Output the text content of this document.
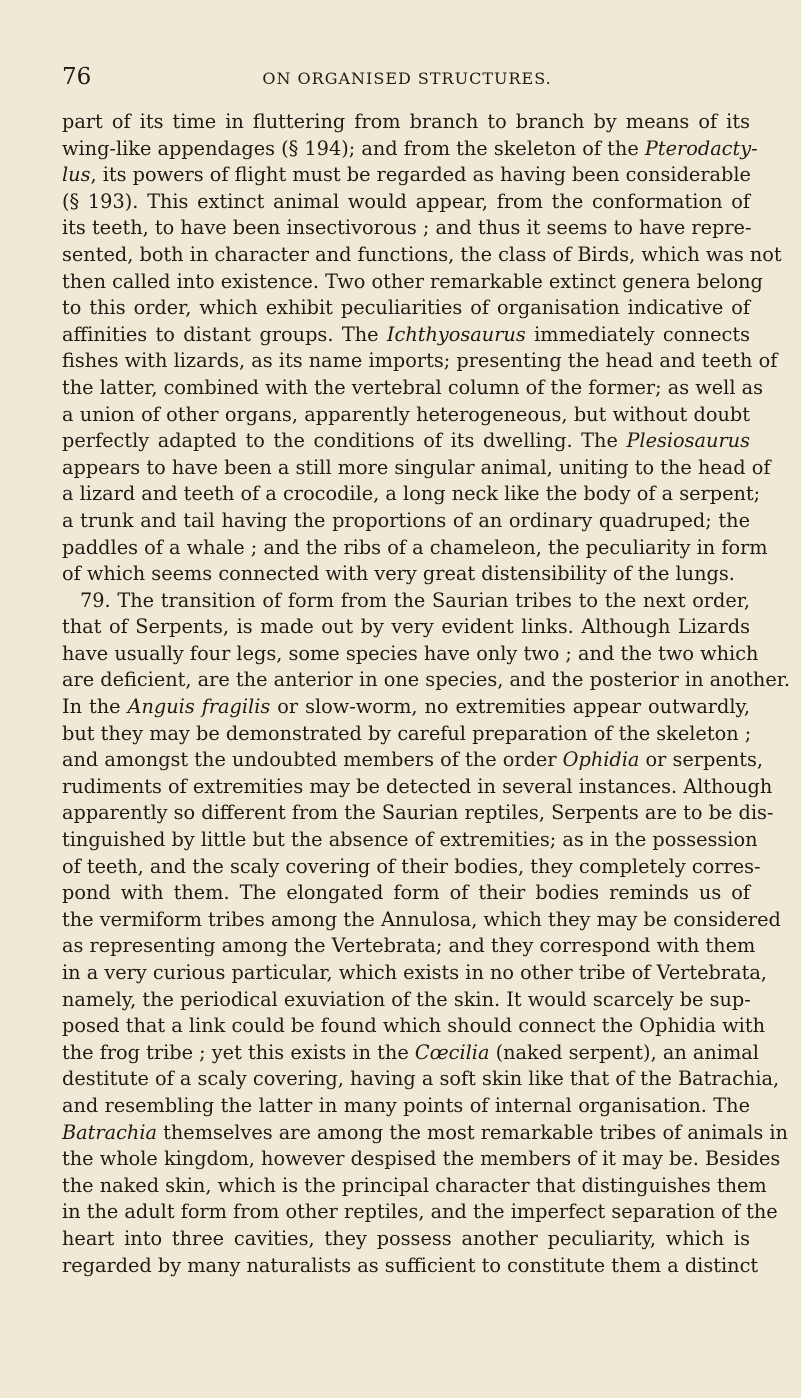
76	ON ORGANISED STRUCTURES.
part of its time in fluttering from branch to branch by means of its
wing-like appendages (§ 194); and from the skeleton of the Pterodacty-
lus, its powers of flight must be regarded as having been considerable
(§ 193). This extinct animal would appear, from the conformation of
its teeth, to have been insectivorous ; and thus it seems to have repre-
sented, both in character and functions, the class of Birds, which was not
then called into existence. Two other remarkable extinct genera belong
to this order, which exhibit peculiarities of organisation indicative of
affinities to distant groups. The Ichthyosaurus immediately connects
fishes with lizards, as its name imports; presenting the head and teeth of
the latter, combined with the vertebral column of the former; as well as
a union of other organs, apparently heterogeneous, but without doubt
perfectly adapted to the conditions of its dwelling. The Plesiosaurus
appears to have been a still more singular animal, uniting to the head of
a lizard and teeth of a crocodile, a long neck like the body of a serpent;
a trunk and tail having the proportions of an ordinary quadruped; the
paddles of a whale ; and the ribs of a chameleon, the peculiarity in form
of which seems connected with very great distensibility of the lungs.
79. The transition of form from the Saurian tribes to the next order,
that of Serpents, is made out by very evident links. Although Lizards
have usually four legs, some species have only two ; and the two which
are deficient, are the anterior in one species, and the posterior in another.
In the Anguis fragilis or slow-worm, no extremities appear outwardly,
but they may be demonstrated by careful preparation of the skeleton ;
and amongst the undoubted members of the order Ophidia or serpents,
rudiments of extremities may be detected in several instances. Although
apparently so different from the Saurian reptiles, Serpents are to be dis-
tinguished by little but the absence of extremities; as in the possession
of teeth, and the scaly covering of their bodies, they completely corres-
pond with them. The elongated form of their bodies reminds us of
the vermiform tribes among the Annulosa, which they may be considered
as representing among the Vertebrata; and they correspond with them
in a very curious particular, which exists in no other tribe of Vertebrata,
namely, the periodical exuviation of the skin. It would scarcely be sup-
posed that a link could be found which should connect the Ophidia with
the frog tribe ; yet this exists in the Cœcilia (naked serpent), an animal
destitute of a scaly covering, having a soft skin like that of the Batrachia,
and resembling the latter in many points of internal organisation. The
Batrachia themselves are among the most remarkable tribes of animals in
the whole kingdom, however despised the members of it may be. Besides
the naked skin, which is the principal character that distinguishes them
in the adult form from other reptiles, and the imperfect separation of the
heart into three cavities, they possess another peculiarity, which is
regarded by many naturalists as sufficient to constitute them a distinct
